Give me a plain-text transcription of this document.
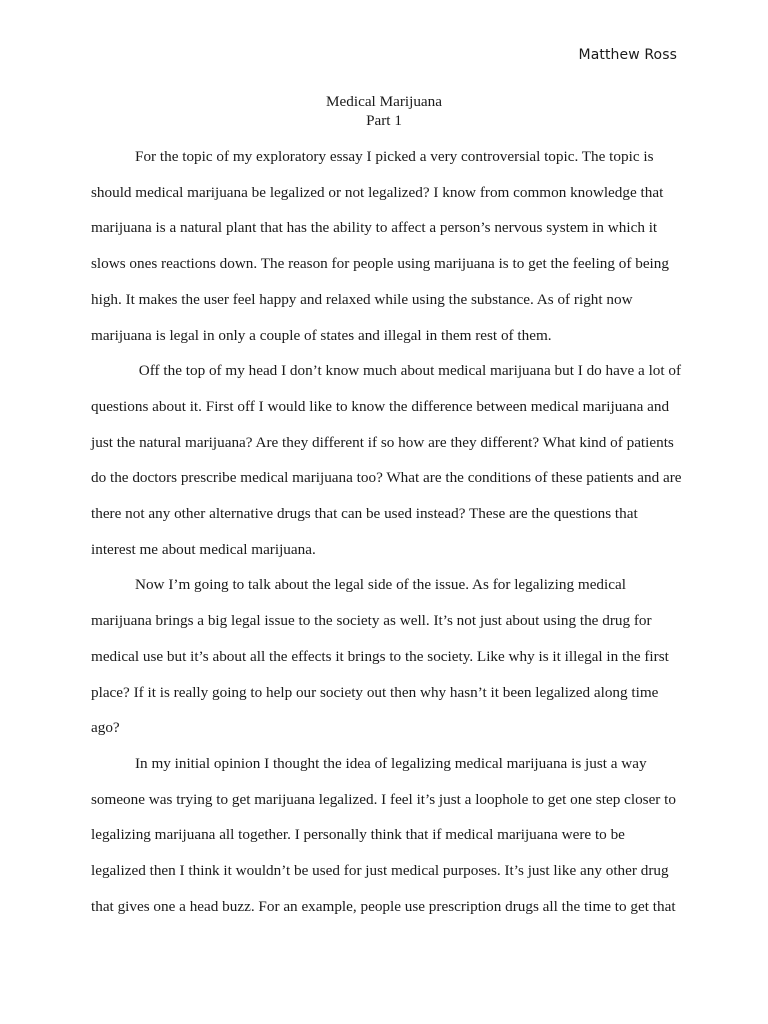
Matthew Ross
Medical Marijuana
Part 1
For the topic of my exploratory essay I picked a very controversial topic. The topic is
should medical marijuana be legalized or not legalized? I know from common knowledge that
marijuana is a natural plant that has the ability to affect a person’s nervous system in which it
slows ones reactions down. The reason for people using marijuana is to get the feeling of being
high. It makes the user feel happy and relaxed while using the substance. As of right now
marijuana is legal in only a couple of states and illegal in them rest of them.
Off the top of my head I don’t know much about medical marijuana but I do have a lot of
questions about it. First off I would like to know the difference between medical marijuana and
just the natural marijuana? Are they different if so how are they different? What kind of patients
do the doctors prescribe medical marijuana too? What are the conditions of these patients and are
there not any other alternative drugs that can be used instead? These are the questions that
interest me about medical marijuana.
Now I’m going to talk about the legal side of the issue. As for legalizing medical
marijuana brings a big legal issue to the society as well. It’s not just about using the drug for
medical use but it’s about all the effects it brings to the society. Like why is it illegal in the first
place? If it is really going to help our society out then why hasn’t it been legalized along time
ago?
In my initial opinion I thought the idea of legalizing medical marijuana is just a way
someone was trying to get marijuana legalized. I feel it’s just a loophole to get one step closer to
legalizing marijuana all together. I personally think that if medical marijuana were to be
legalized then I think it wouldn’t be used for just medical purposes. It’s just like any other drug
that gives one a head buzz. For an example, people use prescription drugs all the time to get that
